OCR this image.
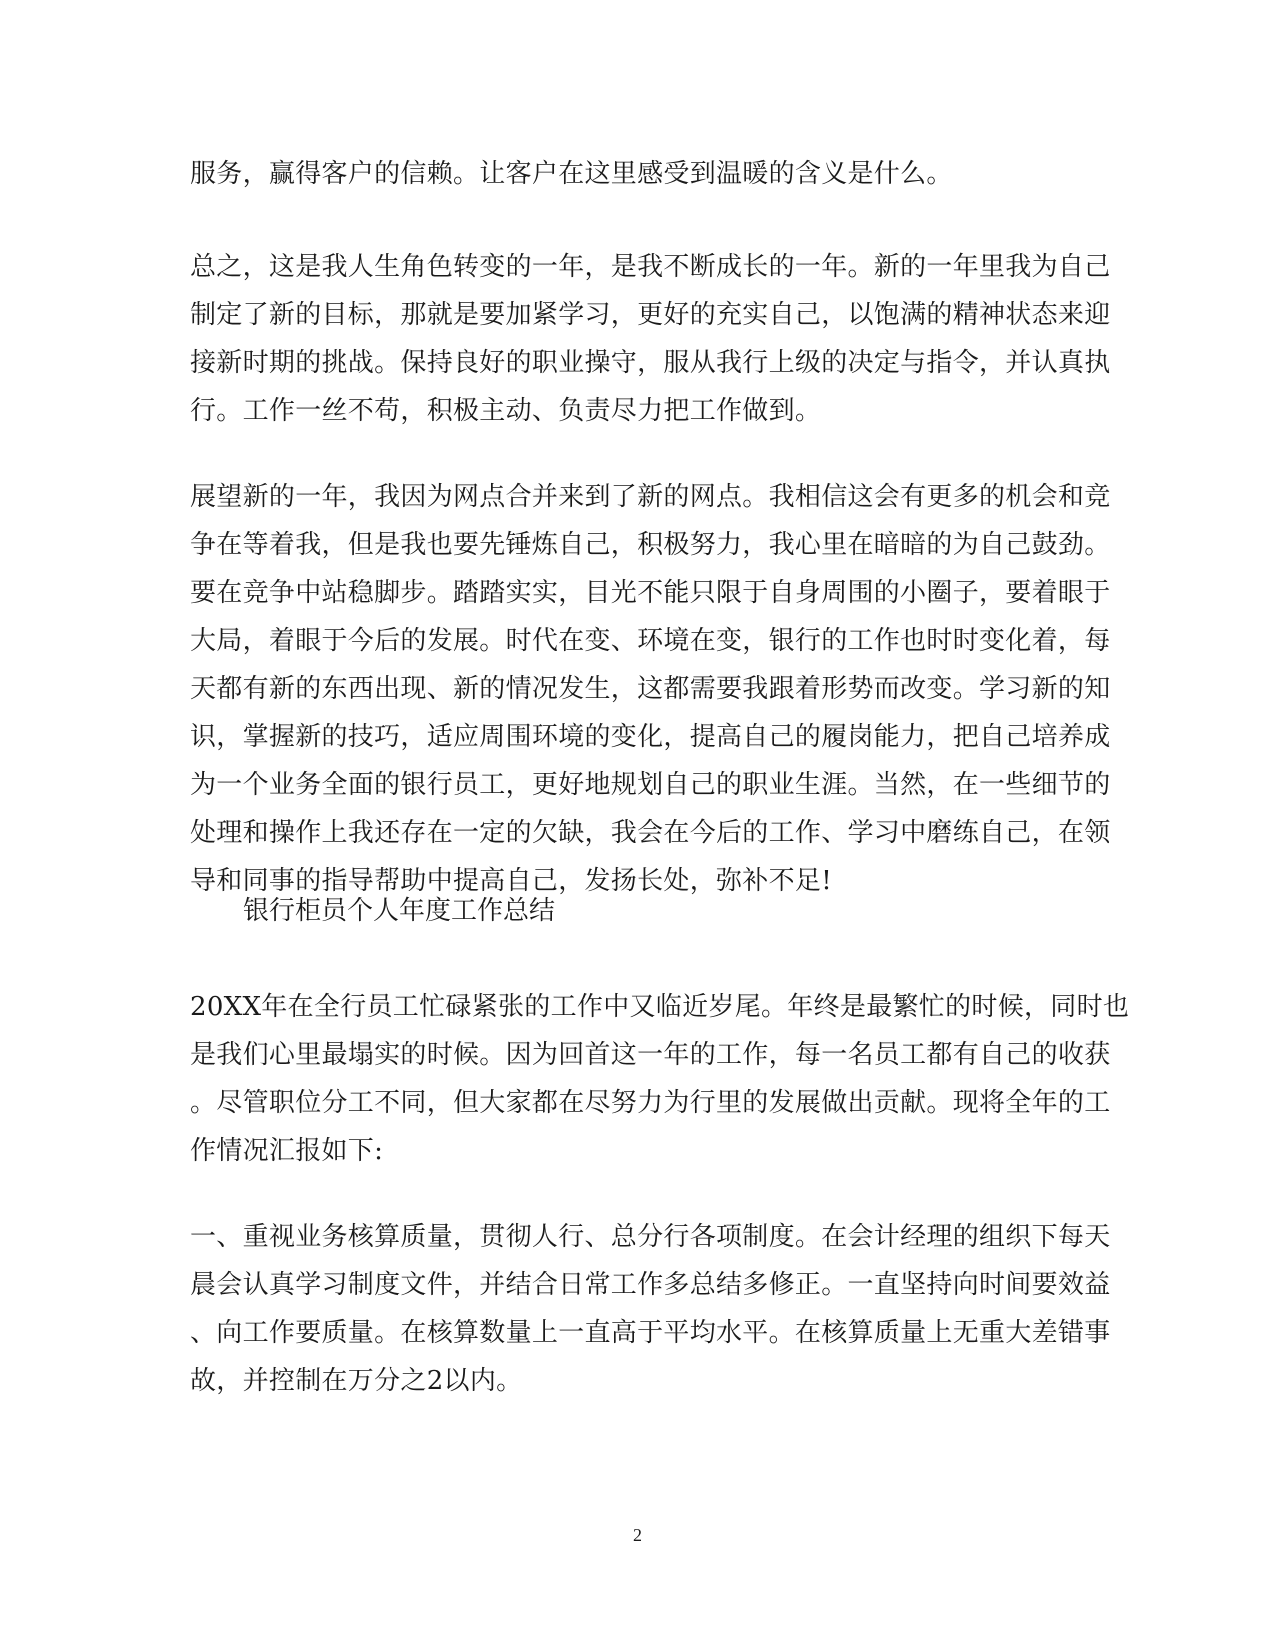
服务，赢得客户的信赖。让客户在这里感受到温暖的含义是什么。

总之，这是我人生角色转变的一年，是我不断成长的一年。新的一年里我为自己
制定了新的目标，那就是要加紧学习，更好的充实自己，以饱满的精神状态来迎
接新时期的挑战。保持良好的职业操守，服从我行上级的决定与指令，并认真执
行。工作一丝不苟，积极主动、负责尽力把工作做到。

展望新的一年，我因为网点合并来到了新的网点。我相信这会有更多的机会和竞
争在等着我，但是我也要先锤炼自己，积极努力，我心里在暗暗的为自己鼓劲。
要在竞争中站稳脚步。踏踏实实，目光不能只限于自身周围的小圈子，要着眼于
大局，着眼于今后的发展。时代在变、环境在变，银行的工作也时时变化着，每
天都有新的东西出现、新的情况发生，这都需要我跟着形势而改变。学习新的知
识，掌握新的技巧，适应周围环境的变化，提高自己的履岗能力，把自己培养成
为一个业务全面的银行员工，更好地规划自己的职业生涯。当然，在一些细节的
处理和操作上我还存在一定的欠缺，我会在今后的工作、学习中磨练自己，在领
导和同事的指导帮助中提高自己，发扬长处，弥补不足!

银行柜员个人年度工作总结

20XX年在全行员工忙碌紧张的工作中又临近岁尾。年终是最繁忙的时候，同时也
是我们心里最塌实的时候。因为回首这一年的工作，每一名员工都有自己的收获
。尽管职位分工不同，但大家都在尽努力为行里的发展做出贡献。现将全年的工
作情况汇报如下:

一、重视业务核算质量，贯彻人行、总分行各项制度。在会计经理的组织下每天
晨会认真学习制度文件，并结合日常工作多总结多修正。一直坚持向时间要效益
、向工作要质量。在核算数量上一直高于平均水平。在核算质量上无重大差错事
故，并控制在万分之2以内。

2
